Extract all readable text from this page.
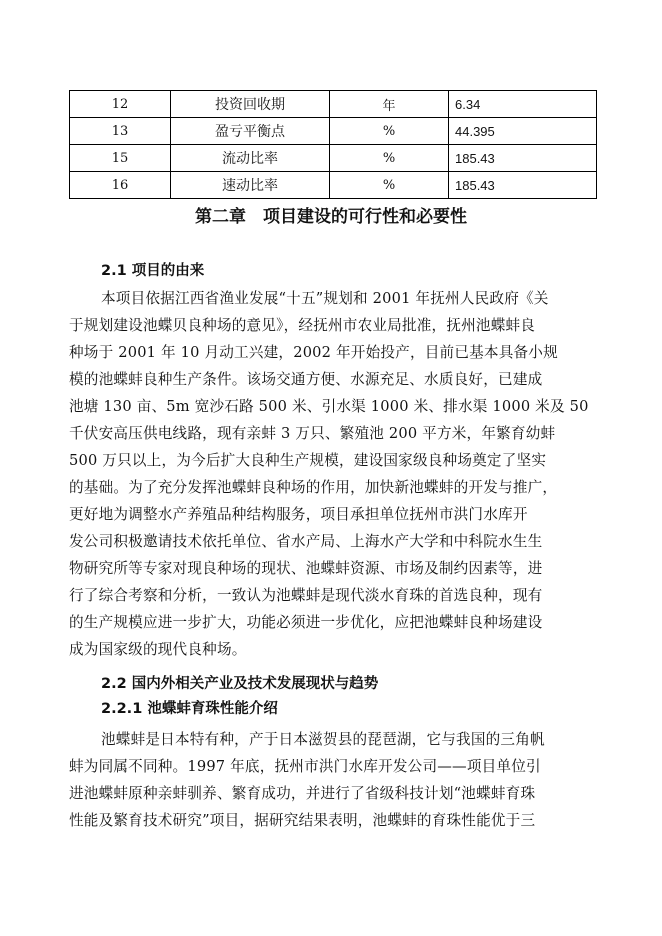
12	投资回收期	年	6.34
13	盈亏平衡点	%	44.395
15	流动比率	%	185.43
16	速动比率	%	185.43
第二章　项目建设的可行性和必要性
2.1 项目的由来
本项目依据江西省渔业发展“十五”规划和 2001 年抚州人民政府《关
于规划建设池蝶贝良种场的意见》，经抚州市农业局批准，抚州池蝶蚌良
种场于 2001 年 10 月动工兴建，2002 年开始投产，目前已基本具备小规
模的池蝶蚌良种生产条件。该场交通方便、水源充足、水质良好，已建成
池塘 130 亩、5m 宽沙石路 500 米、引水渠 1000 米、排水渠 1000 米及 50
千伏安高压供电线路，现有亲蚌 3 万只、繁殖池 200 平方米，年繁育幼蚌
500 万只以上，为今后扩大良种生产规模，建设国家级良种场奠定了坚实
的基础。为了充分发挥池蝶蚌良种场的作用，加快新池蝶蚌的开发与推广，
更好地为调整水产养殖品种结构服务，项目承担单位抚州市洪门水库开
发公司积极邀请技术依托单位、省水产局、上海水产大学和中科院水生生
物研究所等专家对现良种场的现状、池蝶蚌资源、市场及制约因素等，进
行了综合考察和分析，一致认为池蝶蚌是现代淡水育珠的首选良种，现有
的生产规模应进一步扩大，功能必须进一步优化，应把池蝶蚌良种场建设
成为国家级的现代良种场。
2.2 国内外相关产业及技术发展现状与趋势
2.2.1 池蝶蚌育珠性能介绍
池蝶蚌是日本特有种，产于日本滋贺县的琵琶湖，它与我国的三角帆
蚌为同属不同种。1997 年底，抚州市洪门水库开发公司——项目单位引
进池蝶蚌原种亲蚌驯养、繁育成功，并进行了省级科技计划“池蝶蚌育珠
性能及繁育技术研究”项目，据研究结果表明，池蝶蚌的育珠性能优于三
